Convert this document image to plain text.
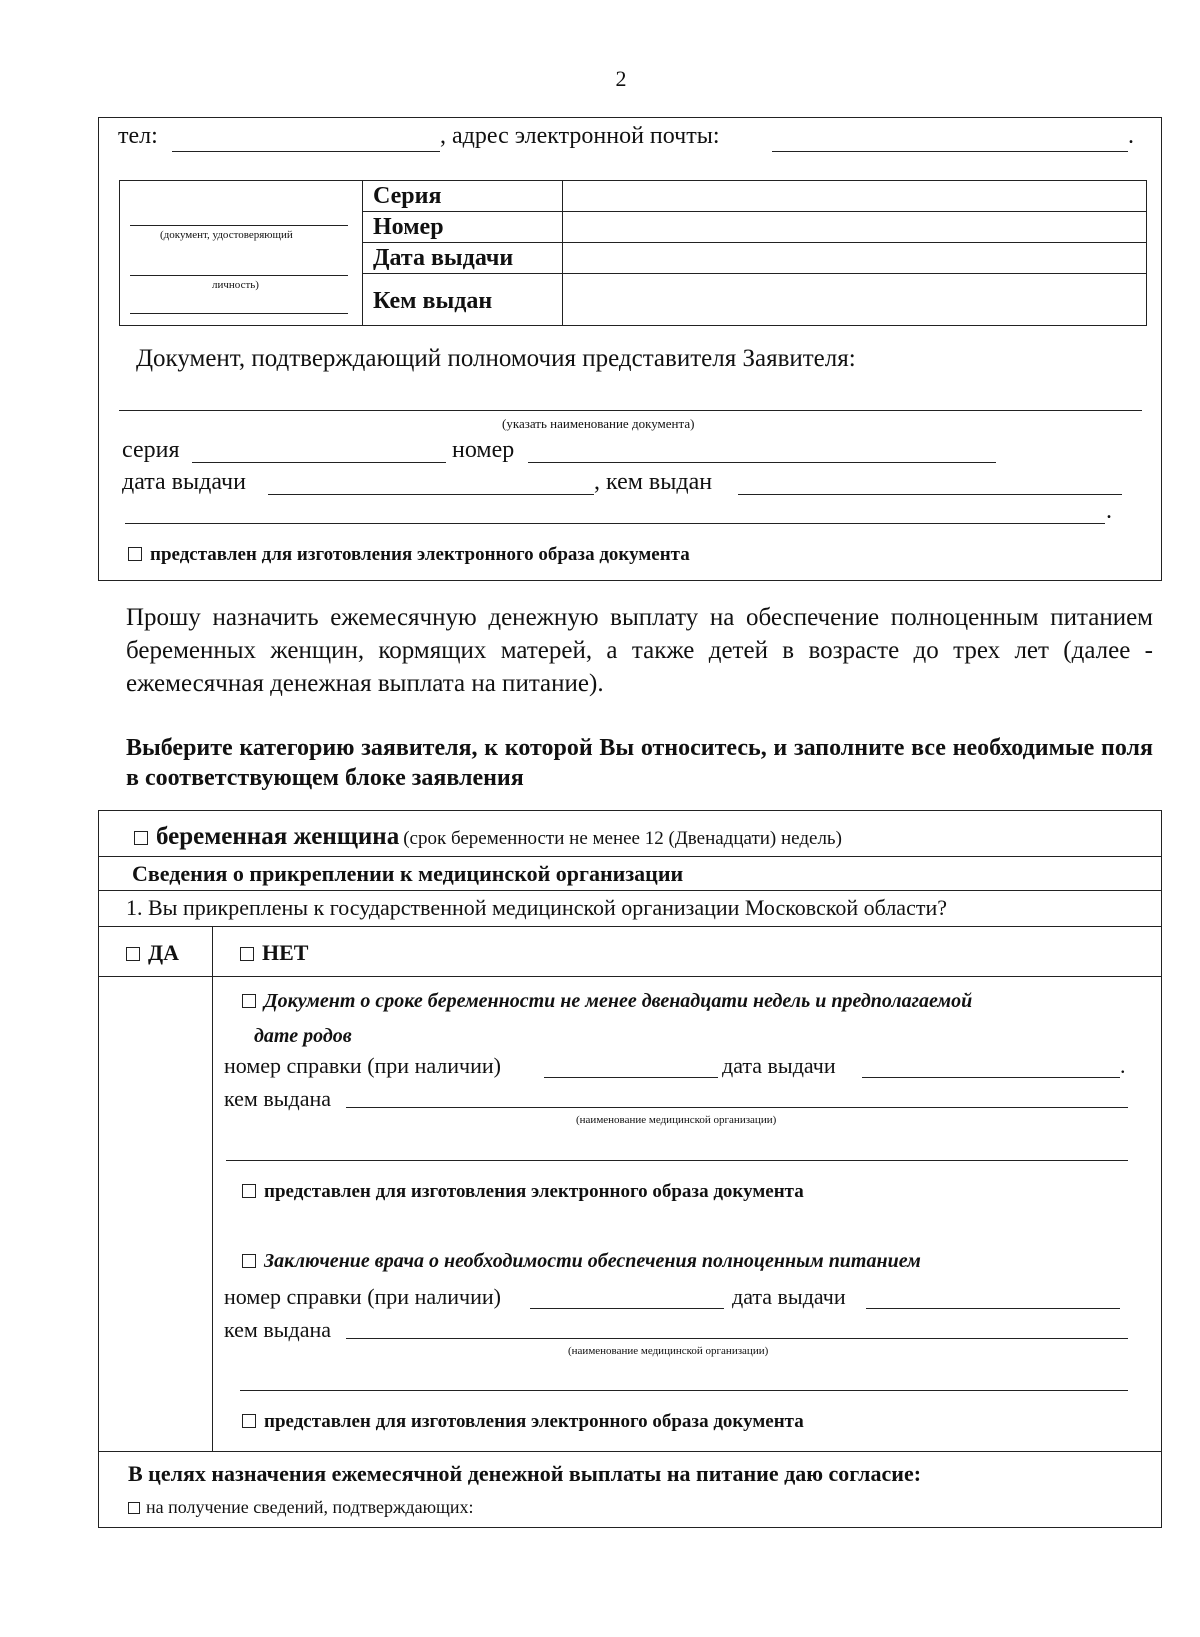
2
тел:	, адрес электронной почты:	.
(документ, удостоверяющий
личность)
Серия
Номер
Дата выдачи
Кем выдан
Документ, подтверждающий полномочия представителя Заявителя:
(указать наименование документа)
серия	номер
дата выдачи	, кем выдан
.
представлен для изготовления электронного образа документа
Прошу назначить ежемесячную денежную выплату на обеспечение полноценным питанием беременных женщин, кормящих матерей, а также детей в возрасте до трех лет (далее - ежемесячная денежная выплата на питание).
Выберите категорию заявителя, к которой Вы относитесь, и заполните все необходимые поля в соответствующем блоке заявления
беременная женщина (срок беременности не менее 12 (Двенадцати) недель)
Сведения о прикреплении к медицинской организации
1. Вы прикреплены к государственной медицинской организации Московской области?
ДА	НЕТ
Документ о сроке беременности не менее двенадцати недель и предполагаемой
дате родов
номер справки (при наличии)	дата выдачи	.
кем выдана
(наименование медицинской организации)
представлен для изготовления электронного образа документа
Заключение врача о необходимости обеспечения полноценным питанием
номер справки (при наличии)	дата выдачи
кем выдана
(наименование медицинской организации)
представлен для изготовления электронного образа документа
В целях назначения ежемесячной денежной выплаты на питание даю согласие:
на получение сведений, подтверждающих:
